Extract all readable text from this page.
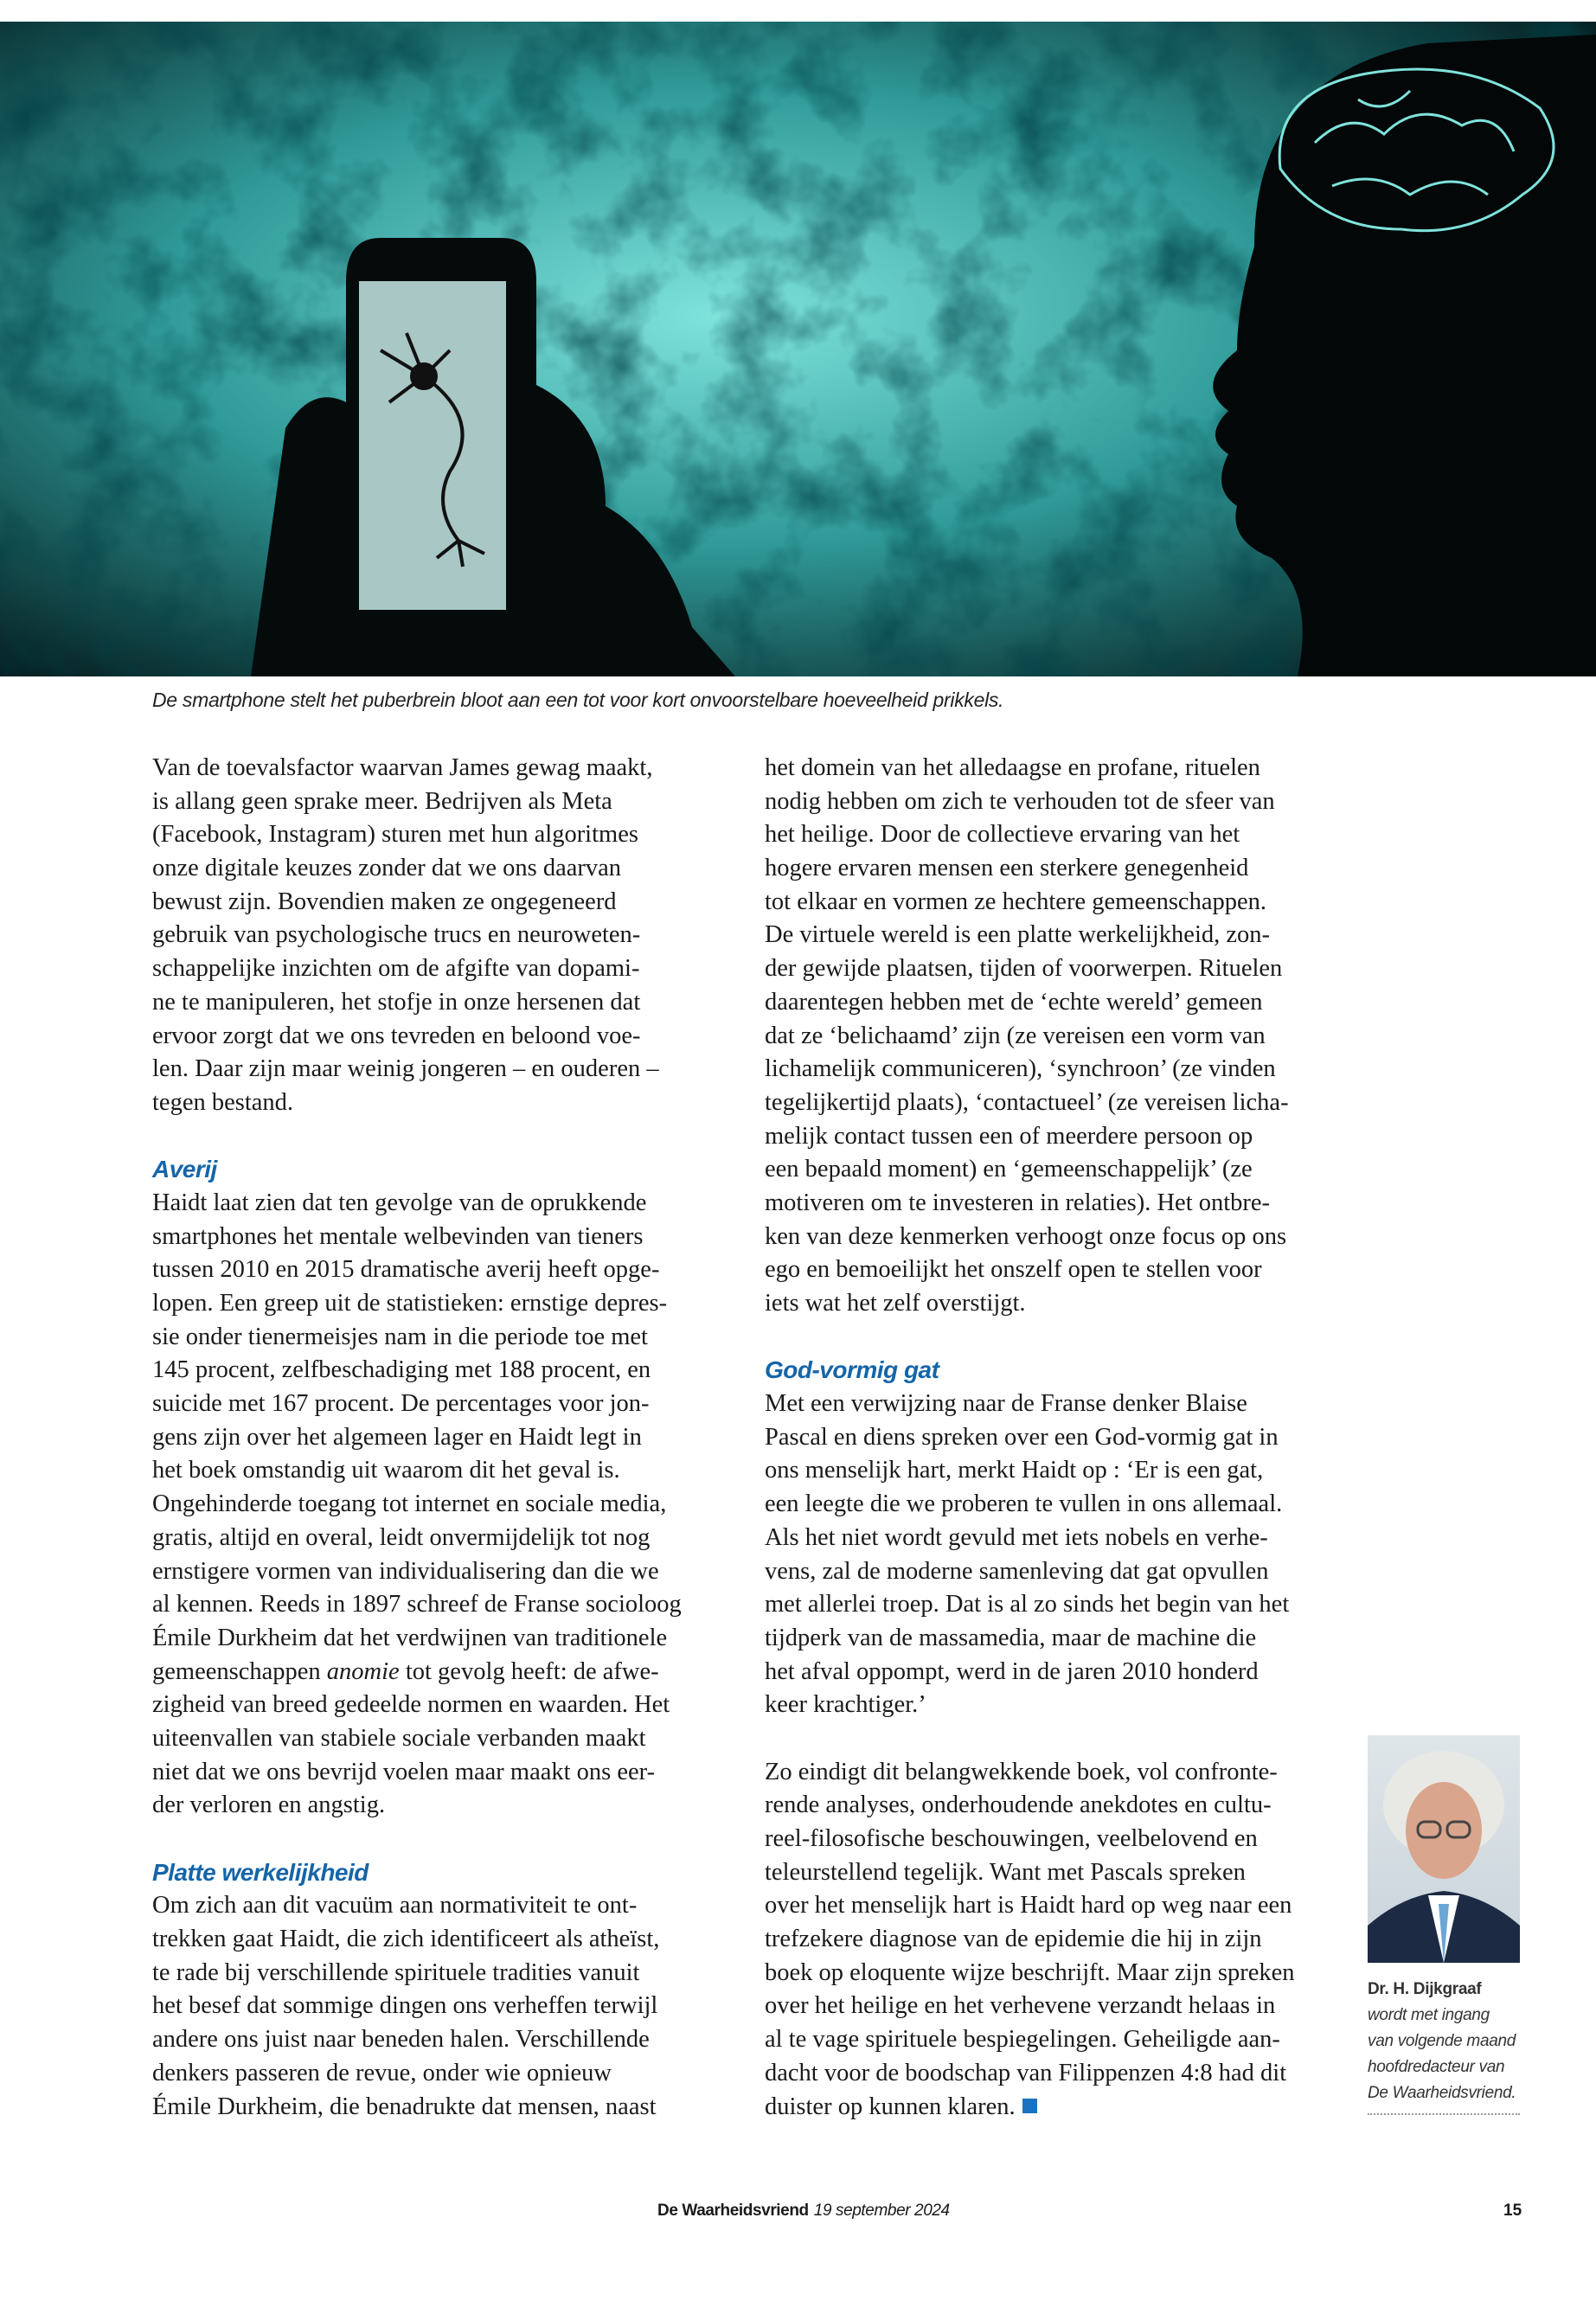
De smartphone stelt het puberbrein bloot aan een tot voor kort onvoorstelbare hoeveelheid prikkels.
Van de toevalsfactor waarvan James gewag maakt,
is allang geen sprake meer. Bedrijven als Meta
(Facebook, Instagram) sturen met hun algoritmes
onze digitale keuzes zonder dat we ons daarvan
bewust zijn. Bovendien maken ze ongegeneerd
gebruik van psychologische trucs en neuroweten-
schappelijke inzichten om de afgifte van dopami-
ne te manipuleren, het stofje in onze hersenen dat
ervoor zorgt dat we ons tevreden en beloond voe-
len. Daar zijn maar weinig jongeren – en ouderen –
tegen bestand.
Averij
Haidt laat zien dat ten gevolge van de oprukkende
smartphones het mentale welbevinden van tieners
tussen 2010 en 2015 dramatische averij heeft opge-
lopen. Een greep uit de statistieken: ernstige depres-
sie onder tienermeisjes nam in die periode toe met
145 procent, zelfbeschadiging met 188 procent, en
suicide met 167 procent. De percentages voor jon-
gens zijn over het algemeen lager en Haidt legt in
het boek omstandig uit waarom dit het geval is.
Ongehinderde toegang tot internet en sociale media,
gratis, altijd en overal, leidt onvermijdelijk tot nog
ernstigere vormen van individualisering dan die we
al kennen. Reeds in 1897 schreef de Franse socioloog
Émile Durkheim dat het verdwijnen van traditionele
gemeenschappen anomie tot gevolg heeft: de afwe-
zigheid van breed gedeelde normen en waarden. Het
uiteenvallen van stabiele sociale verbanden maakt
niet dat we ons bevrijd voelen maar maakt ons eer-
der verloren en angstig.
Platte werkelijkheid
Om zich aan dit vacuüm aan normativiteit te ont-
trekken gaat Haidt, die zich identificeert als atheïst,
te rade bij verschillende spirituele tradities vanuit
het besef dat sommige dingen ons verheffen terwijl
andere ons juist naar beneden halen. Verschillende
denkers passeren de revue, onder wie opnieuw
Émile Durkheim, die benadrukte dat mensen, naast
het domein van het alledaagse en profane, rituelen
nodig hebben om zich te verhouden tot de sfeer van
het heilige. Door de collectieve ervaring van het
hogere ervaren mensen een sterkere genegenheid
tot elkaar en vormen ze hechtere gemeenschappen.
De virtuele wereld is een platte werkelijkheid, zon-
der gewijde plaatsen, tijden of voorwerpen. Rituelen
daarentegen hebben met de ‘echte wereld’ gemeen
dat ze ‘belichaamd’ zijn (ze vereisen een vorm van
lichamelijk communiceren), ‘synchroon’ (ze vinden
tegelijkertijd plaats), ‘contactueel’ (ze vereisen licha-
melijk contact tussen een of meerdere persoon op
een bepaald moment) en ‘gemeenschappelijk’ (ze
motiveren om te investeren in relaties). Het ontbre-
ken van deze kenmerken verhoogt onze focus op ons
ego en bemoeilijkt het onszelf open te stellen voor
iets wat het zelf overstijgt.
God-vormig gat
Met een verwijzing naar de Franse denker Blaise
Pascal en diens spreken over een God-vormig gat in
ons menselijk hart, merkt Haidt op : ‘Er is een gat,
een leegte die we proberen te vullen in ons allemaal.
Als het niet wordt gevuld met iets nobels en verhe-
vens, zal de moderne samenleving dat gat opvullen
met allerlei troep. Dat is al zo sinds het begin van het
tijdperk van de massamedia, maar de machine die
het afval oppompt, werd in de jaren 2010 honderd
keer krachtiger.’
Zo eindigt dit belangwekkende boek, vol confronte-
rende analyses, onderhoudende anekdotes en cultu-
reel-filosofische beschouwingen, veelbelovend en
teleurstellend tegelijk. Want met Pascals spreken
over het menselijk hart is Haidt hard op weg naar een
trefzekere diagnose van de epidemie die hij in zijn
boek op eloquente wijze beschrijft. Maar zijn spreken
over het heilige en het verhevene verzandt helaas in
al te vage spirituele bespiegelingen. Geheiligde aan-
dacht voor de boodschap van Filippenzen 4:8 had dit
duister op kunnen klaren.
Dr. H. Dijkgraaf
wordt met ingang
van volgende maand
hoofdredacteur van
De Waarheidsvriend.
De Waarheidsvriend 19 september 2024	15
